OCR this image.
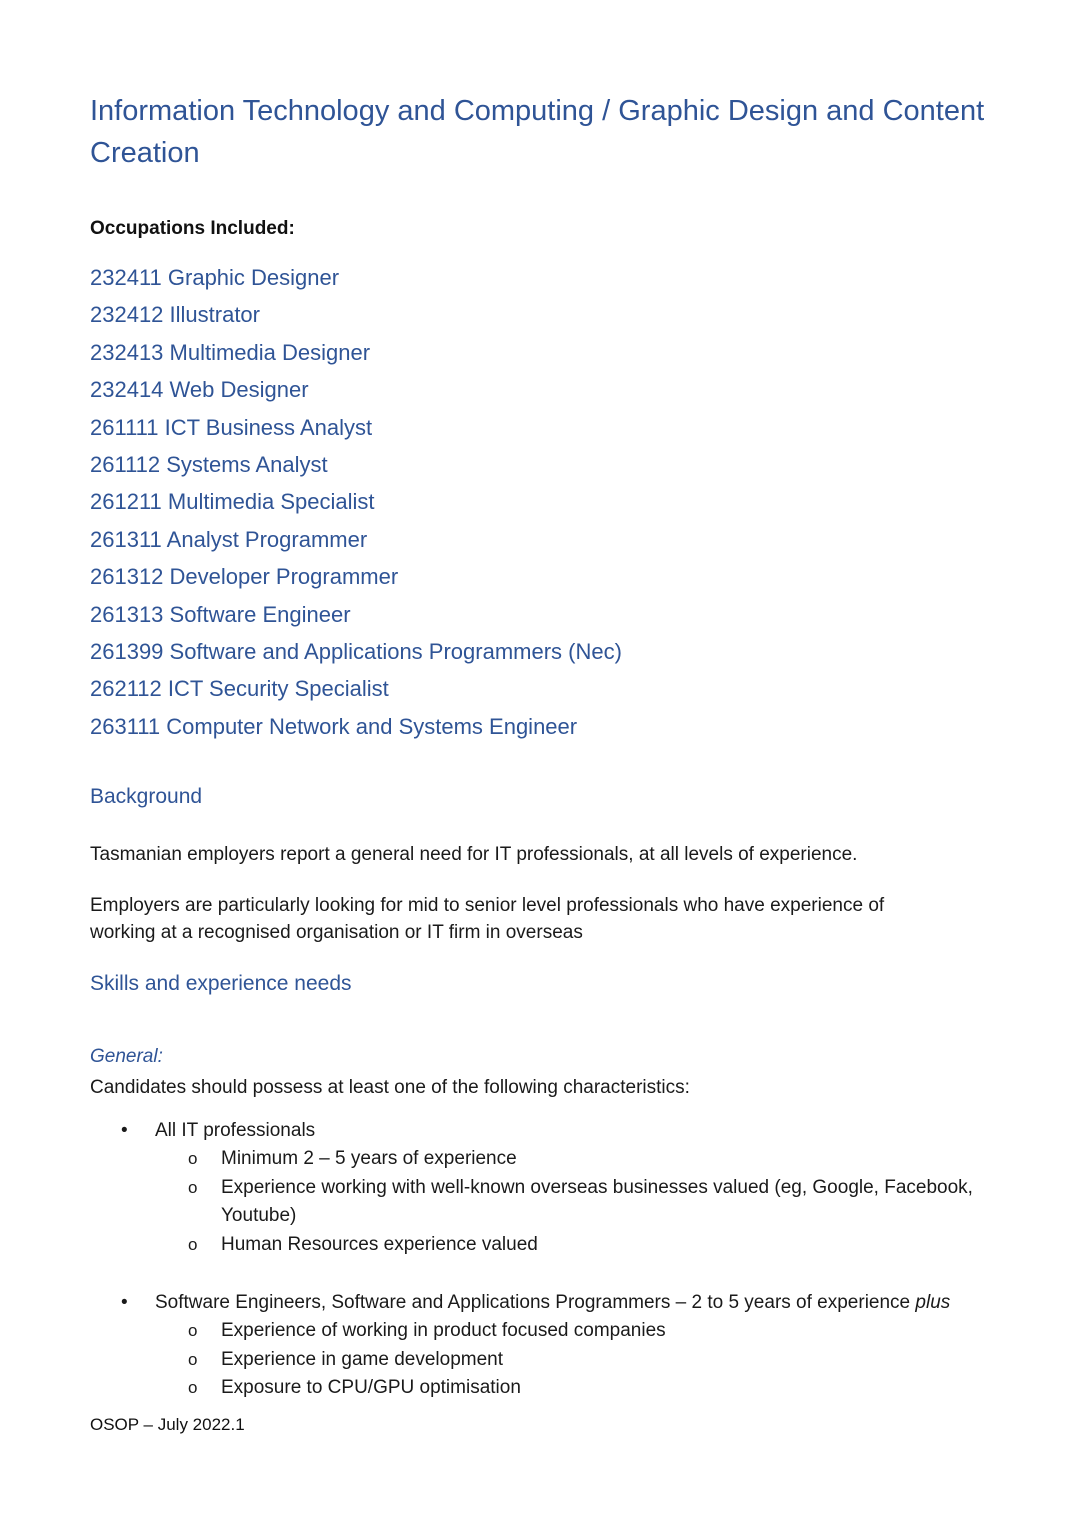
Information Technology and Computing / Graphic Design and Content Creation

Occupations Included:

232411 Graphic Designer
232412 Illustrator
232413 Multimedia Designer
232414 Web Designer
261111 ICT Business Analyst
261112 Systems Analyst
261211 Multimedia Specialist
261311 Analyst Programmer
261312 Developer Programmer
261313 Software Engineer
261399 Software and Applications Programmers (Nec)
262112 ICT Security Specialist
263111 Computer Network and Systems Engineer
Background

Tasmanian employers report a general need for IT professionals, at all levels of experience.

Employers are particularly looking for mid to senior level professionals who have experience of working at a recognised organisation or IT firm in overseas

Skills and experience needs

General:

Candidates should possess at least one of the following characteristics:

• All IT professionals
o Minimum 2 – 5 years of experience
o Experience working with well-known overseas businesses valued (eg, Google, Facebook, Youtube)
o Human Resources experience valued
• Software Engineers, Software and Applications Programmers – 2 to 5 years of experience plus
o Experience of working in product focused companies
o Experience in game development
o Exposure to CPU/GPU optimisation

OSOP – July 2022.1
